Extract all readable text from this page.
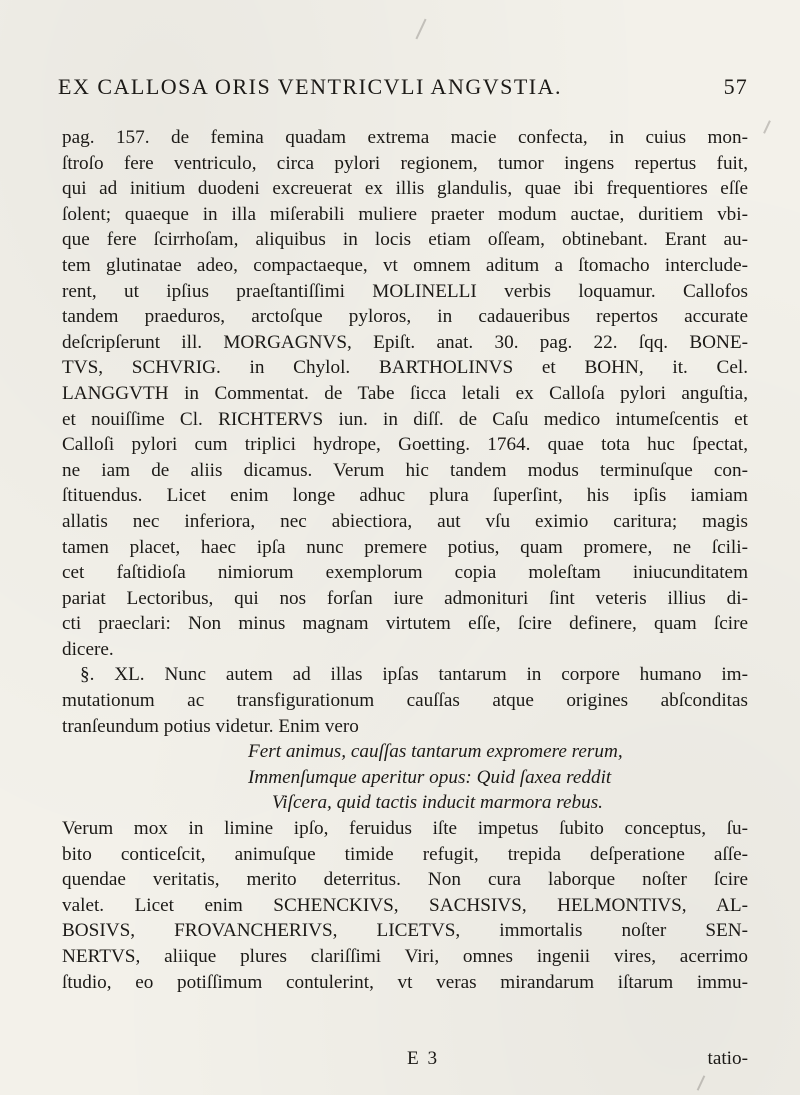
EX CALLOSA ORIS VENTRICVLI ANGVSTIA.	57
pag. 157. de femina quadam extrema macie confecta, in cuius mon-
ſtroſo fere ventriculo, circa pylori regionem, tumor ingens repertus fuit,
qui ad initium duodeni excreuerat ex illis glandulis, quae ibi frequentiores eſſe
ſolent; quaeque in illa miſerabili muliere praeter modum auctae, duritiem vbi-
que fere ſcirrhoſam, aliquibus in locis etiam oſſeam, obtinebant. Erant au-
tem glutinatae adeo, compactaeque, vt omnem aditum a ſtomacho interclude-
rent, ut ipſius praeſtantiſſimi MOLINELLI verbis loquamur. Callofos
tandem praeduros, arctoſque pyloros, in cadaueribus repertos accurate
deſcripſerunt ill. MORGAGNVS, Epiſt. anat. 30. pag. 22. ſqq. BONE-
TVS, SCHVRIG. in Chylol. BARTHOLINVS et BOHN, it. Cel.
LANGGVTH in Commentat. de Tabe ſicca letali ex Calloſa pylori anguſtia,
et nouiſſime Cl. RICHTERVS iun. in diſſ. de Caſu medico intumeſcentis et
Calloſi pylori cum triplici hydrope, Goetting. 1764. quae tota huc ſpectat,
ne iam de aliis dicamus. Verum hic tandem modus terminuſque con-
ſtituendus. Licet enim longe adhuc plura ſuperſint, his ipſis iamiam
allatis nec inferiora, nec abiectiora, aut vſu eximio caritura; magis
tamen placet, haec ipſa nunc premere potius, quam promere, ne ſcili-
cet faſtidioſa nimiorum exemplorum copia moleſtam iniucunditatem
pariat Lectoribus, qui nos forſan iure admonituri ſint veteris illius di-
cti praeclari: Non minus magnam virtutem eſſe, ſcire definere, quam ſcire
dicere.
§. XL. Nunc autem ad illas ipſas tantarum in corpore humano im-
mutationum ac transfigurationum cauſſas atque origines abſconditas
tranſeundum potius videtur. Enim vero
Fert animus, cauſſas tantarum expromere rerum,
Immenſumque aperitur opus: Quid ſaxea reddit
Viſcera, quid tactis inducit marmora rebus.
Verum mox in limine ipſo, feruidus iſte impetus ſubito conceptus, ſu-
bito conticeſcit, animuſque timide refugit, trepida deſperatione aſſe-
quendae veritatis, merito deterritus. Non cura laborque noſter ſcire
valet. Licet enim SCHENCKIVS, SACHSIVS, HELMONTIVS, AL-
BOSIVS, FROVANCHERIVS, LICETVS, immortalis noſter SEN-
NERTVS, aliique plures clariſſimi Viri, omnes ingenii vires, acerrimo
ſtudio, eo potiſſimum contulerint, vt veras mirandarum iſtarum immu-
E 3	tatio-
